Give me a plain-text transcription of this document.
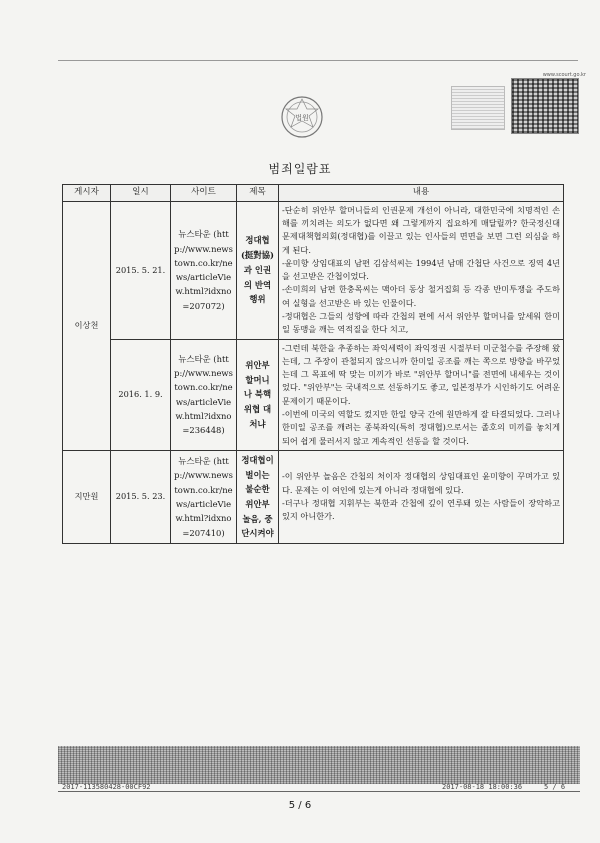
www.scourt.go.kr
법원
범죄일람표
게시자	일시	사이트	제목	내용
이상천	2015. 5. 21.	뉴스타운 (http://www.newstown.co.kr/news/articleView.html?idxno=207072)	정대협(挺對協)과 인권의 반역행위	-단순히 위안부 할머니들의 인권문제 개선이 아니라, 대한민국에 치명적인 손해를 끼치려는 의도가 없다면 왜 그렇게까지 집요하게 매달릴까? 한국정신대문제대책협의회(정대협)를 이끌고 있는 인사들의 면면을 보면 그런 의심을 하게 된다.
-윤미향 상임대표의 남편 김삼석씨는 1994년 남매 간첩단 사건으로 징역 4년을 선고받은 간첩이었다.
-손미희의 남편 한충목씨는 맥아더 동상 철거집회 등 각종 반미투쟁을 주도하여 실형을 선고받은 바 있는 인물이다.
-정대협은 그들의 성향에 따라 간첩의 편에 서서 위안부 할머니를 앞세워 한미일 동맹을 깨는 역적질을 한다 치고,

	2016. 1. 9.	뉴스타운 (http://www.newstown.co.kr/news/articleView.html?idxno=236448)	위안부 할머니 나 북핵 위협 대처냐	-그런데 북한을 추종하는 좌익세력이 좌익정권 시절부터 미군철수를 주장해 왔는데, 그 주장이 관철되지 않으니까 한미일 공조를 깨는 쪽으로 방향을 바꾸었는데 그 목표에 딱 맞는 미끼가 바로 "위안부 할머니"를 전면에 내세우는 것이었다. "위안부"는 국내적으로 선동하기도 좋고, 일본정부가 시인하기도 어려운 문제이기 때문이다.
-이번에 미국의 역할도 컸지만 한일 양국 간에 원만하게 잘 타결되었다. 그러나 한미일 공조를 깨려는 종북좌익(특히 정대협)으로서는 졸호의 미끼를 놓치게 되어 쉽게 물러서지 않고 계속적인 선동을 할 것이다.

지만원	2015. 5. 23.	뉴스타운 (http://www.newstown.co.kr/news/articleView.html?idxno=207410)	정대협이 벌이는 불순한 위안부 놀음, 중단시켜야	-이 위안부 놀음은 간첩의 처이자 정대협의 상임대표인 윤미향이 꾸며가고 있다. 문제는 이 여인에 있는게 아니라 정대협에 있다.
-더구나 정대협 지휘부는 북한과 간첩에 깊이 연루돼 있는 사람들이 장악하고 있지 아니한가.
2017-113580428-00CF92	2017-08-18 18:00:36	5 / 6
5 / 6
